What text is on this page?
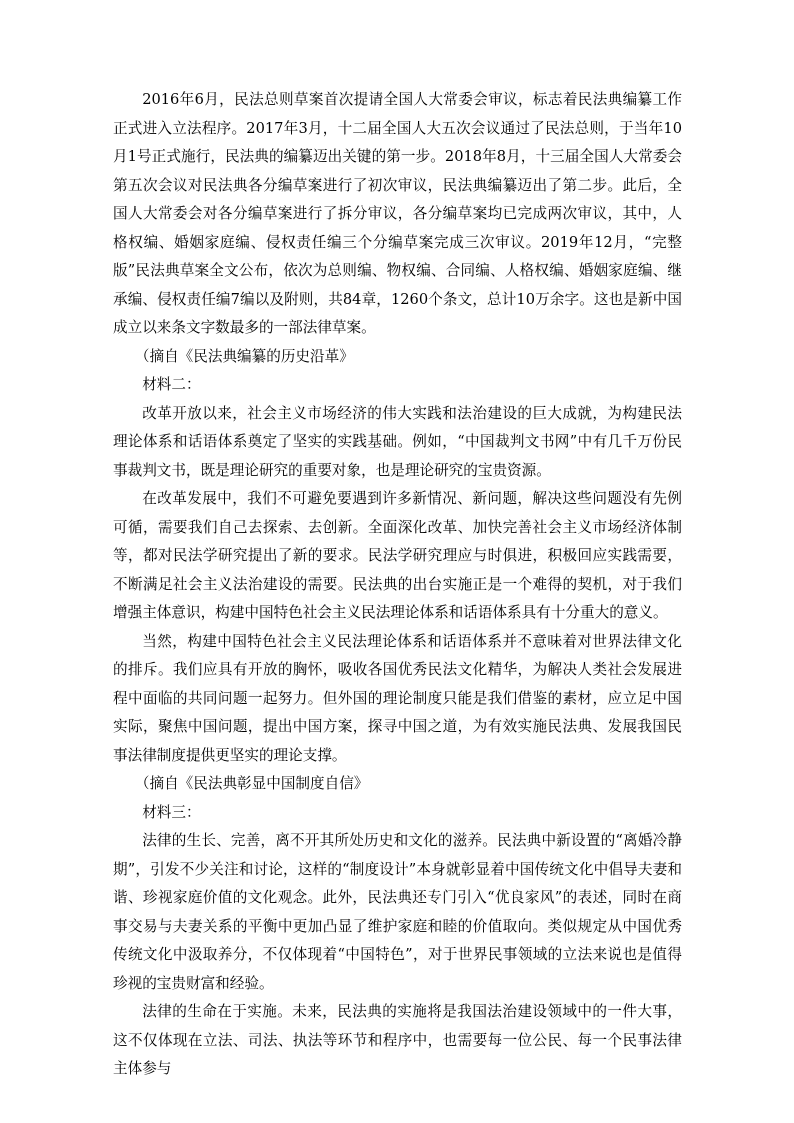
2016年6月，民法总则草案首次提请全国人大常委会审议，标志着民法典编纂工作正式进入立法程序。2017年3月，十二届全国人大五次会议通过了民法总则，于当年10月1号正式施行，民法典的编纂迈出关键的第一步。2018年8月，十三届全国人大常委会第五次会议对民法典各分编草案进行了初次审议，民法典编纂迈出了第二步。此后，全国人大常委会对各分编草案进行了拆分审议，各分编草案均已完成两次审议，其中，人格权编、婚姻家庭编、侵权责任编三个分编草案完成三次审议。2019年12月，“完整版”民法典草案全文公布，依次为总则编、物权编、合同编、人格权编、婚姻家庭编、继承编、侵权责任编7编以及附则，共84章，1260个条文，总计10万余字。这也是新中国成立以来条文字数最多的一部法律草案。

（摘自《民法典编纂的历史沿革》

材料二：

改革开放以来，社会主义市场经济的伟大实践和法治建设的巨大成就，为构建民法理论体系和话语体系奠定了坚实的实践基础。例如，“中国裁判文书网”中有几千万份民事裁判文书，既是理论研究的重要对象，也是理论研究的宝贵资源。

在改革发展中，我们不可避免要遇到许多新情况、新问题，解决这些问题没有先例可循，需要我们自己去探索、去创新。全面深化改革、加快完善社会主义市场经济体制等，都对民法学研究提出了新的要求。民法学研究理应与时俱进，积极回应实践需要，不断满足社会主义法治建设的需要。民法典的出台实施正是一个难得的契机，对于我们增强主体意识，构建中国特色社会主义民法理论体系和话语体系具有十分重大的意义。

当然，构建中国特色社会主义民法理论体系和话语体系并不意味着对世界法律文化的排斥。我们应具有开放的胸怀，吸收各国优秀民法文化精华，为解决人类社会发展进程中面临的共同问题一起努力。但外国的理论制度只能是我们借鉴的素材，应立足中国实际，聚焦中国问题，提出中国方案，探寻中国之道，为有效实施民法典、发展我国民事法律制度提供更坚实的理论支撑。

（摘自《民法典彰显中国制度自信》

材料三：

法律的生长、完善，离不开其所处历史和文化的滋养。民法典中新设置的“离婚冷静期”，引发不少关注和讨论，这样的“制度设计”本身就彰显着中国传统文化中倡导夫妻和谐、珍视家庭价值的文化观念。此外，民法典还专门引入“优良家风”的表述，同时在商事交易与夫妻关系的平衡中更加凸显了维护家庭和睦的价值取向。类似规定从中国优秀传统文化中汲取养分，不仅体现着“中国特色”，对于世界民事领域的立法来说也是值得珍视的宝贵财富和经验。

法律的生命在于实施。未来，民法典的实施将是我国法治建设领域中的一件大事，这不仅体现在立法、司法、执法等环节和程序中，也需要每一位公民、每一个民事法律主体参与
